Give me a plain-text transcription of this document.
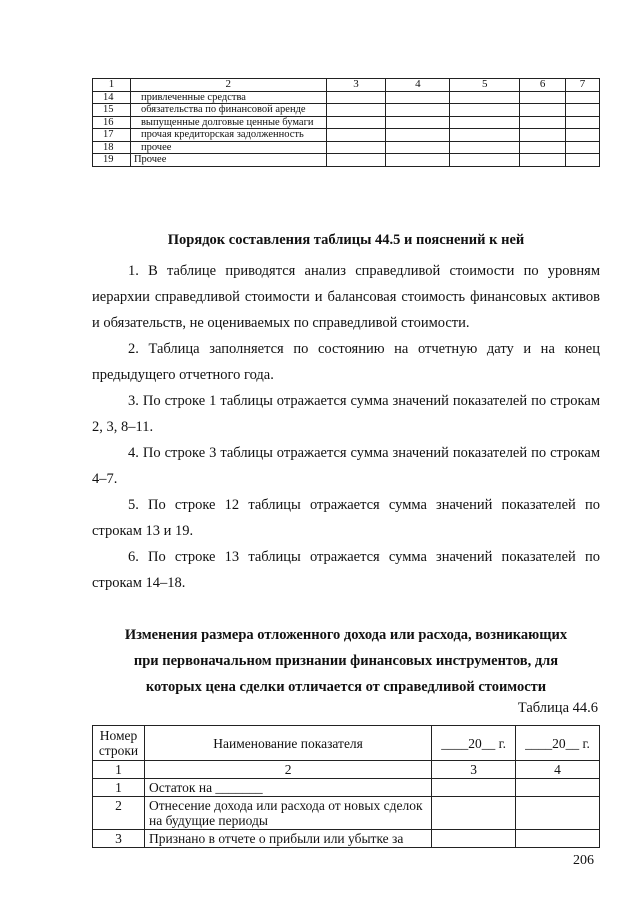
1	2	3	4	5	6	7
14	привлеченные средства					
15	обязательства по финансовой аренде					
16	выпущенные долговые ценные бумаги					
17	прочая кредиторская задолженность					
18	прочее					
19	Прочее					
Порядок составления таблицы 44.5 и пояснений к ней

1. В таблице приводятся анализ справедливой стоимости по уровням иерархии справедливой стоимости и балансовая стоимость финансовых активов и обязательств, не оцениваемых по справедливой стоимости.

2. Таблица заполняется по состоянию на отчетную дату и на конец предыдущего отчетного года.

3. По строке 1 таблицы отражается сумма значений показателей по строкам 2, 3, 8–11.

4. По строке 3 таблицы отражается сумма значений показателей по строкам 4–7.

5. По строке 12 таблицы отражается сумма значений показателей по строкам 13 и 19.

6. По строке 13 таблицы отражается сумма значений показателей по строкам 14–18.

Изменения размера отложенного дохода или расхода, возникающих
при первоначальном признании финансовых инструментов, для
которых цена сделки отличается от справедливой стоимости
Таблица 44.6
Номер строки	Наименование показателя	____20__ г.	____20__ г.
1	2	3	4
1	Остаток на _______		
2	Отнесение дохода или расхода от новых сделок на будущие периоды		
3	Признано в отчете о прибыли или убытке за		
206
